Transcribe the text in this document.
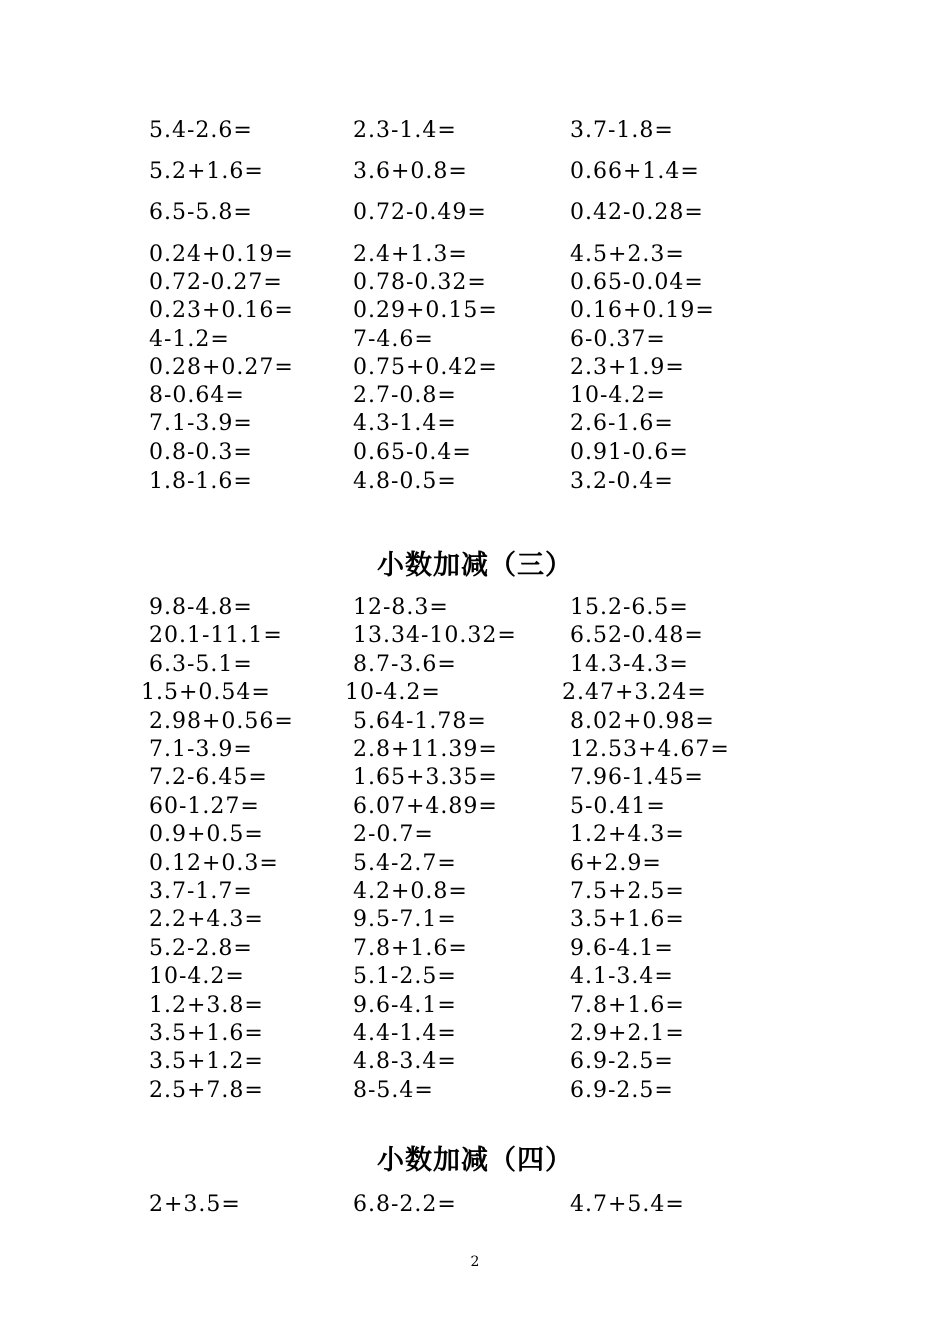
5.4-2.6=	2.3-1.4=	3.7-1.8=
5.2+1.6=	3.6+0.8=	0.66+1.4=
6.5-5.8=	0.72-0.49=	0.42-0.28=
0.24+0.19=	2.4+1.3=	4.5+2.3=
0.72-0.27=	0.78-0.32=	0.65-0.04=
0.23+0.16=	0.29+0.15=	0.16+0.19=
4-1.2=	7-4.6=	6-0.37=
0.28+0.27=	0.75+0.42=	2.3+1.9=
8-0.64=	2.7-0.8=	10-4.2=
7.1-3.9=	4.3-1.4=	2.6-1.6=
0.8-0.3=	0.65-0.4=	0.91-0.6=
1.8-1.6=	4.8-0.5=	3.2-0.4=
9.8-4.8=	12-8.3=	15.2-6.5=
20.1-11.1=	13.34-10.32= 6.52-0.48=
6.3-5.1=	8.7-3.6=	14.3-4.3=
1.5+0.54=	10-4.2=	2.47+3.24=
2.98+0.56=	5.64-1.78=	8.02+0.98=
7.1-3.9=	2.8+11.39=	12.53+4.67=
7.2-6.45=	1.65+3.35=	7.96-1.45=
60-1.27=	6.07+4.89=	5-0.41=
0.9+0.5=	2-0.7=	1.2+4.3=
0.12+0.3=	5.4-2.7=	6+2.9=
3.7-1.7=	4.2+0.8=	7.5+2.5=
2.2+4.3=	9.5-7.1=	3.5+1.6=
5.2-2.8=	7.8+1.6=	9.6-4.1=
10-4.2=	5.1-2.5=	4.1-3.4=
1.2+3.8=	9.6-4.1=	7.8+1.6=
3.5+1.6=	4.4-1.4=	2.9+2.1=
3.5+1.2=	4.8-3.4=	6.9-2.5=
2.5+7.8=	8-5.4=	6.9-2.5=
2+3.5=	6.8-2.2=	4.7+5.4=
小数加减（三）
小数加减（四）
2
